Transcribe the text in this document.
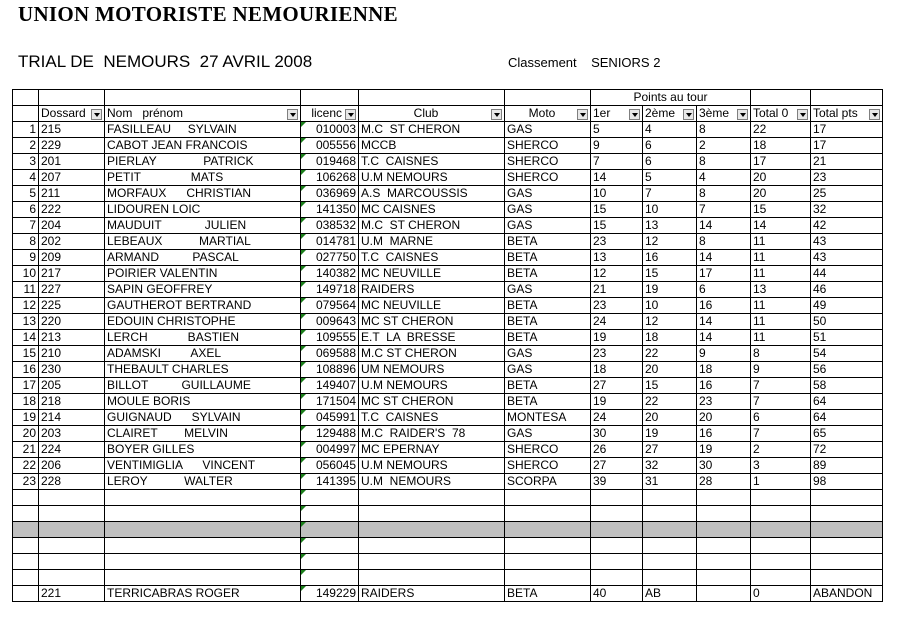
UNION MOTORISTE NEMOURIENNE
TRIAL DE  NEMOURS  27 AVRIL 2008	Classement    SENIORS 2
						Points au tour				

	Dossard	Nom   prénom	licenc	Club	Moto	1er	2ème	3ème	Total 0	Total pts

1	215	FASILLEAU     SYLVAIN	010003	M.C  ST CHERON	GAS	5	4	8	22	17
2	229	CABOT JEAN FRANCOIS	005556	MCCB	SHERCO	9	6	2	18	17
3	201	PIERLAY              PATRICK	019468	T.C  CAISNES	SHERCO	7	6	8	17	21
4	207	PETIT               MATS	106268	U.M NEMOURS	SHERCO	14	5	4	20	23
5	211	MORFAUX      CHRISTIAN	036969	A.S  MARCOUSSIS	GAS	10	7	8	20	25
6	222	LIDOUREN LOIC	141350	MC CAISNES	GAS	15	10	7	15	32
7	204	MAUDUIT             JULIEN	038532	M.C  ST CHERON	GAS	15	13	14	14	42
8	202	LEBEAUX           MARTIAL	014781	U.M  MARNE	BETA	23	12	8	11	43
9	209	ARMAND          PASCAL	027750	T.C  CAISNES	BETA	13	16	14	11	43
10	217	POIRIER VALENTIN	140382	MC NEUVILLE	BETA	12	15	17	11	44
11	227	SAPIN GEOFFREY	149718	RAIDERS	GAS	21	19	6	13	46
12	225	GAUTHEROT BERTRAND	079564	MC NEUVILLE	BETA	23	10	16	11	49
13	220	EDOUIN CHRISTOPHE	009643	MC ST CHERON	BETA	24	12	14	11	50
14	213	LERCH            BASTIEN	109555	E.T  LA  BRESSE	BETA	19	18	14	11	51
15	210	ADAMSKI         AXEL	069588	M.C ST CHERON	GAS	23	22	9	8	54
16	230	THEBAULT CHARLES	108896	UM NEMOURS	GAS	18	20	18	9	56
17	205	BILLOT          GUILLAUME	149407	U.M NEMOURS	BETA	27	15	16	7	58
18	218	MOULE BORIS	171504	MC ST CHERON	BETA	19	22	23	7	64
19	214	GUIGNAUD      SYLVAIN	045991	T.C  CAISNES	MONTESA	24	20	20	6	64
20	203	CLAIRET        MELVIN	129488	M.C  RAIDER'S  78	GAS	30	19	16	7	65
21	224	BOYER GILLES	004997	MC EPERNAY	SHERCO	26	27	19	2	72
22	206	VENTIMIGLIA      VINCENT	056045	U.M NEMOURS	SHERCO	27	32	30	3	89
23	228	LEROY           WALTER	141395	U.M  NEMOURS	SCORPA	39	31	28	1	98

	221	TERRICABRAS ROGER	149229	RAIDERS	BETA	40	AB		0	ABANDON
